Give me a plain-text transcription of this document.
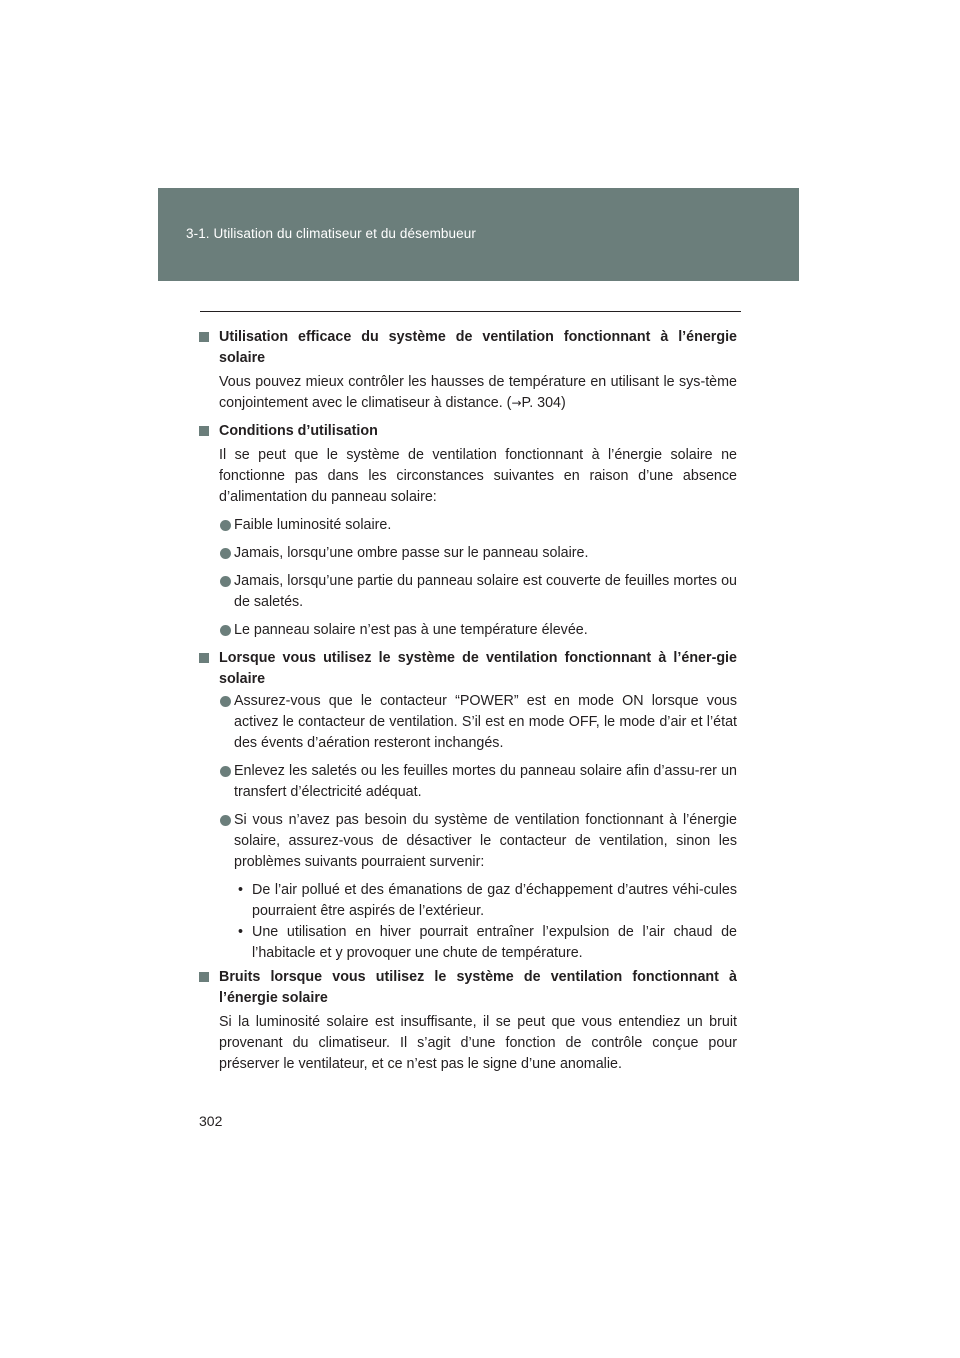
3-1. Utilisation du climatiseur et du désembueur
Utilisation efficace du système de ventilation fonctionnant à l’énergie solaire
Vous pouvez mieux contrôler les hausses de température en utilisant le sys-tème conjointement avec le climatiseur à distance. (→P. 304)
Conditions d’utilisation
Il se peut que le système de ventilation fonctionnant à l’énergie solaire ne fonctionne pas dans les circonstances suivantes en raison d’une absence d’alimentation du panneau solaire:
Faible luminosité solaire.
Jamais, lorsqu’une ombre passe sur le panneau solaire.
Jamais, lorsqu’une partie du panneau solaire est couverte de feuilles mortes ou de saletés.
Le panneau solaire n’est pas à une température élevée.
Lorsque vous utilisez le système de ventilation fonctionnant à l’éner-gie solaire
Assurez-vous que le contacteur “POWER” est en mode ON lorsque vous activez le contacteur de ventilation. S’il est en mode OFF, le mode d’air et l’état des évents d’aération resteront inchangés.
Enlevez les saletés ou les feuilles mortes du panneau solaire afin d’assu-rer un transfert d’électricité adéquat.
Si vous n’avez pas besoin du système de ventilation fonctionnant à l’énergie solaire, assurez-vous de désactiver le contacteur de ventilation, sinon les problèmes suivants pourraient survenir:
• De l’air pollué et des émanations de gaz d’échappement d’autres véhi-cules pourraient être aspirés de l’extérieur.
• Une utilisation en hiver pourrait entraîner l’expulsion de l’air chaud de l’habitacle et y provoquer une chute de température.
Bruits lorsque vous utilisez le système de ventilation fonctionnant à l’énergie solaire
Si la luminosité solaire est insuffisante, il se peut que vous entendiez un bruit provenant du climatiseur. Il s’agit d’une fonction de contrôle conçue pour préserver le ventilateur, et ce n’est pas le signe d’une anomalie.
302
